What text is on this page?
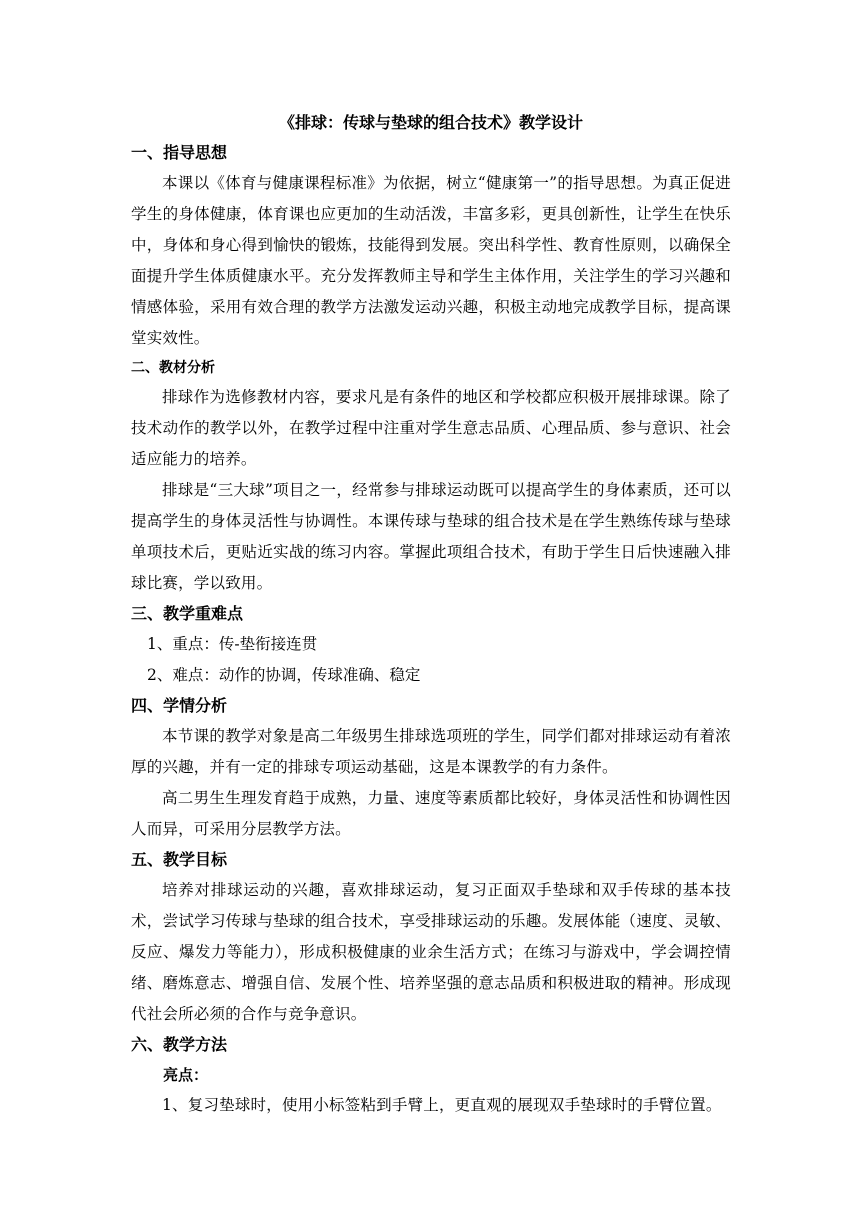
《排球：传球与垫球的组合技术》教学设计

一、指导思想

本课以《体育与健康课程标准》为依据，树立“健康第一”的指导思想。为真正促进学生的身体健康，体育课也应更加的生动活泼，丰富多彩，更具创新性，让学生在快乐中，身体和身心得到愉快的锻炼，技能得到发展。突出科学性、教育性原则，以确保全面提升学生体质健康水平。充分发挥教师主导和学生主体作用，关注学生的学习兴趣和情感体验，采用有效合理的教学方法激发运动兴趣，积极主动地完成教学目标，提高课堂实效性。

二、教材分析

排球作为选修教材内容，要求凡是有条件的地区和学校都应积极开展排球课。除了技术动作的教学以外，在教学过程中注重对学生意志品质、心理品质、参与意识、社会适应能力的培养。

排球是“三大球”项目之一，经常参与排球运动既可以提高学生的身体素质，还可以提高学生的身体灵活性与协调性。本课传球与垫球的组合技术是在学生熟练传球与垫球单项技术后，更贴近实战的练习内容。掌握此项组合技术，有助于学生日后快速融入排球比赛，学以致用。

三、教学重难点

1、重点：传-垫衔接连贯

2、难点：动作的协调，传球准确、稳定

四、学情分析

本节课的教学对象是高二年级男生排球选项班的学生，同学们都对排球运动有着浓厚的兴趣，并有一定的排球专项运动基础，这是本课教学的有力条件。

高二男生生理发育趋于成熟，力量、速度等素质都比较好，身体灵活性和协调性因人而异，可采用分层教学方法。

五、教学目标

培养对排球运动的兴趣，喜欢排球运动，复习正面双手垫球和双手传球的基本技术，尝试学习传球与垫球的组合技术，享受排球运动的乐趣。发展体能（速度、灵敏、反应、爆发力等能力），形成积极健康的业余生活方式；在练习与游戏中，学会调控情绪、磨炼意志、增强自信、发展个性、培养坚强的意志品质和积极进取的精神。形成现代社会所必须的合作与竞争意识。

六、教学方法

亮点：

1、复习垫球时，使用小标签粘到手臂上，更直观的展现双手垫球时的手臂位置。
